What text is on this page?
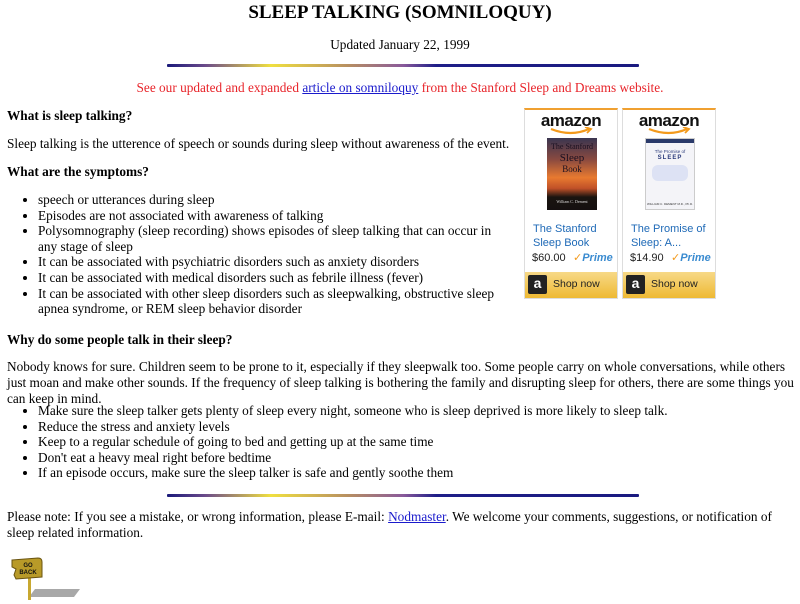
SLEEP TALKING (SOMNILOQUY)
Updated January 22, 1999
See our updated and expanded article on somniloquy from the Stanford Sleep and Dreams website.
What is sleep talking?
Sleep talking is the utterence of speech or sounds during sleep without awareness of the event.
What are the symptoms?
• speech or utterances during sleep
• Episodes are not associated with awareness of talking
• Polysomnography (sleep recording) shows episodes of sleep talking that can occur in any stage of sleep
• It can be associated with psychiatric disorders such as anxiety disorders
• It can be associated with medical disorders such as febrile illness (fever)
• It can be associated with other sleep disorders such as sleepwalking, obstructive sleep apnea syndrome, or REM sleep behavior disorder
Why do some people talk in their sleep?
Nobody knows for sure. Children seem to be prone to it, especially if they sleepwalk too. Some people carry on whole conversations, while others just moan and make other sounds. If the frequency of sleep talking is bothering the family and disrupting sleep for others, there are some things you can keep in mind.
• Make sure the sleep talker gets plenty of sleep every night, someone who is sleep deprived is more likely to sleep talk.
• Reduce the stress and anxiety levels
• Keep to a regular schedule of going to bed and getting up at the same time
• Don't eat a heavy meal right before bedtime
• If an episode occurs, make sure the sleep talker is safe and gently soothe them
Please note: If you see a mistake, or wrong information, please E-mail: Nodmaster. We welcome your comments, suggestions, or notification of sleep related information.
amazon
The Stanford
Sleep
Book
William C. Dement
The Stanford Sleep Book
$60.00 ✓Prime
a	Shop now
amazon
The Promise of
SLEEP
WILLIAM C. DEMENT M.D., Ph.D.
The Promise of Sleep: A...
$14.90 ✓Prime
a	Shop now
GO
BACK
